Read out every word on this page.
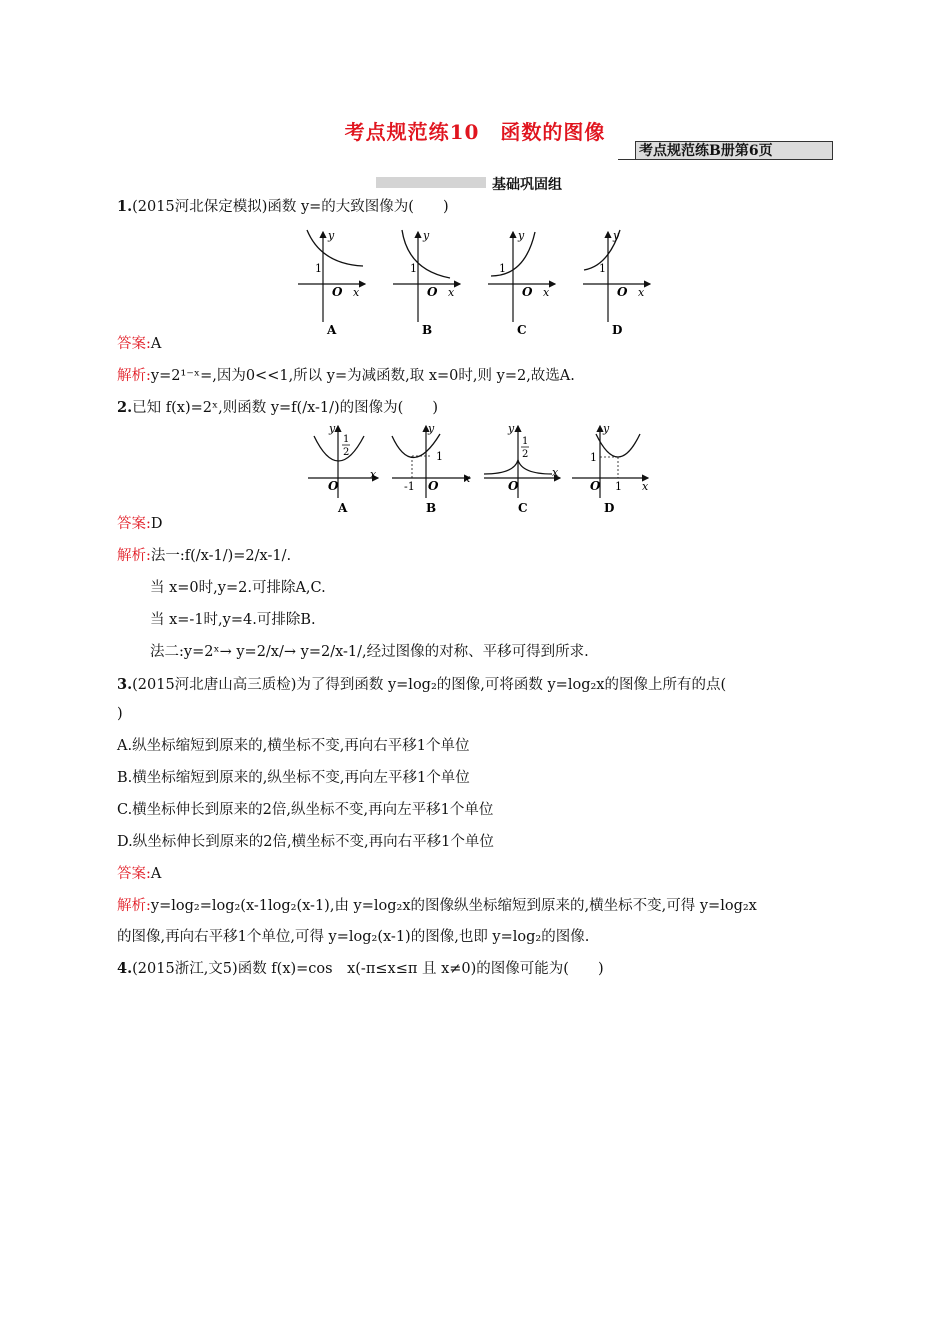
考点规范练10　函数的图像
考点规范练B册第6页
基础巩固组
1.(2015河北保定模拟)函数 y=的大致图像为(　　)
y
x
O
1
A
y
x
O
1
B
y
x
O
1
C
y
x
O
1
D
答案:A
解析:y=2¹⁻ˣ=,因为0<<1,所以 y=为减函数,取 x=0时,则 y=2,故选A.
2.已知 f(x)=2ˣ,则函数 y=f(/x-1/)的图像为(　　)
y
x
O
1
2
A
y
x
O
1
-1
B
y
x
O
1
2
C
y
x
O
1
1
D
答案:D
解析:法一:f(/x-1/)=2/x-1/.
当 x=0时,y=2.可排除A,C.
当 x=-1时,y=4.可排除B.
法二:y=2ˣ→ y=2/x/→ y=2/x-1/,经过图像的对称、平移可得到所求.
3.(2015河北唐山高三质检)为了得到函数 y=log₂的图像,可将函数 y=log₂x的图像上所有的点(
)
A.纵坐标缩短到原来的,横坐标不变,再向右平移1个单位
B.横坐标缩短到原来的,纵坐标不变,再向左平移1个单位
C.横坐标伸长到原来的2倍,纵坐标不变,再向左平移1个单位
D.纵坐标伸长到原来的2倍,横坐标不变,再向右平移1个单位
答案:A
解析:y=log₂=log₂(x-1log₂(x-1),由 y=log₂x的图像纵坐标缩短到原来的,横坐标不变,可得 y=log₂x
的图像,再向右平移1个单位,可得 y=log₂(x-1)的图像,也即 y=log₂的图像.
4.(2015浙江,文5)函数 f(x)=cos　x(-π≤x≤π 且 x≠0)的图像可能为(　　)
